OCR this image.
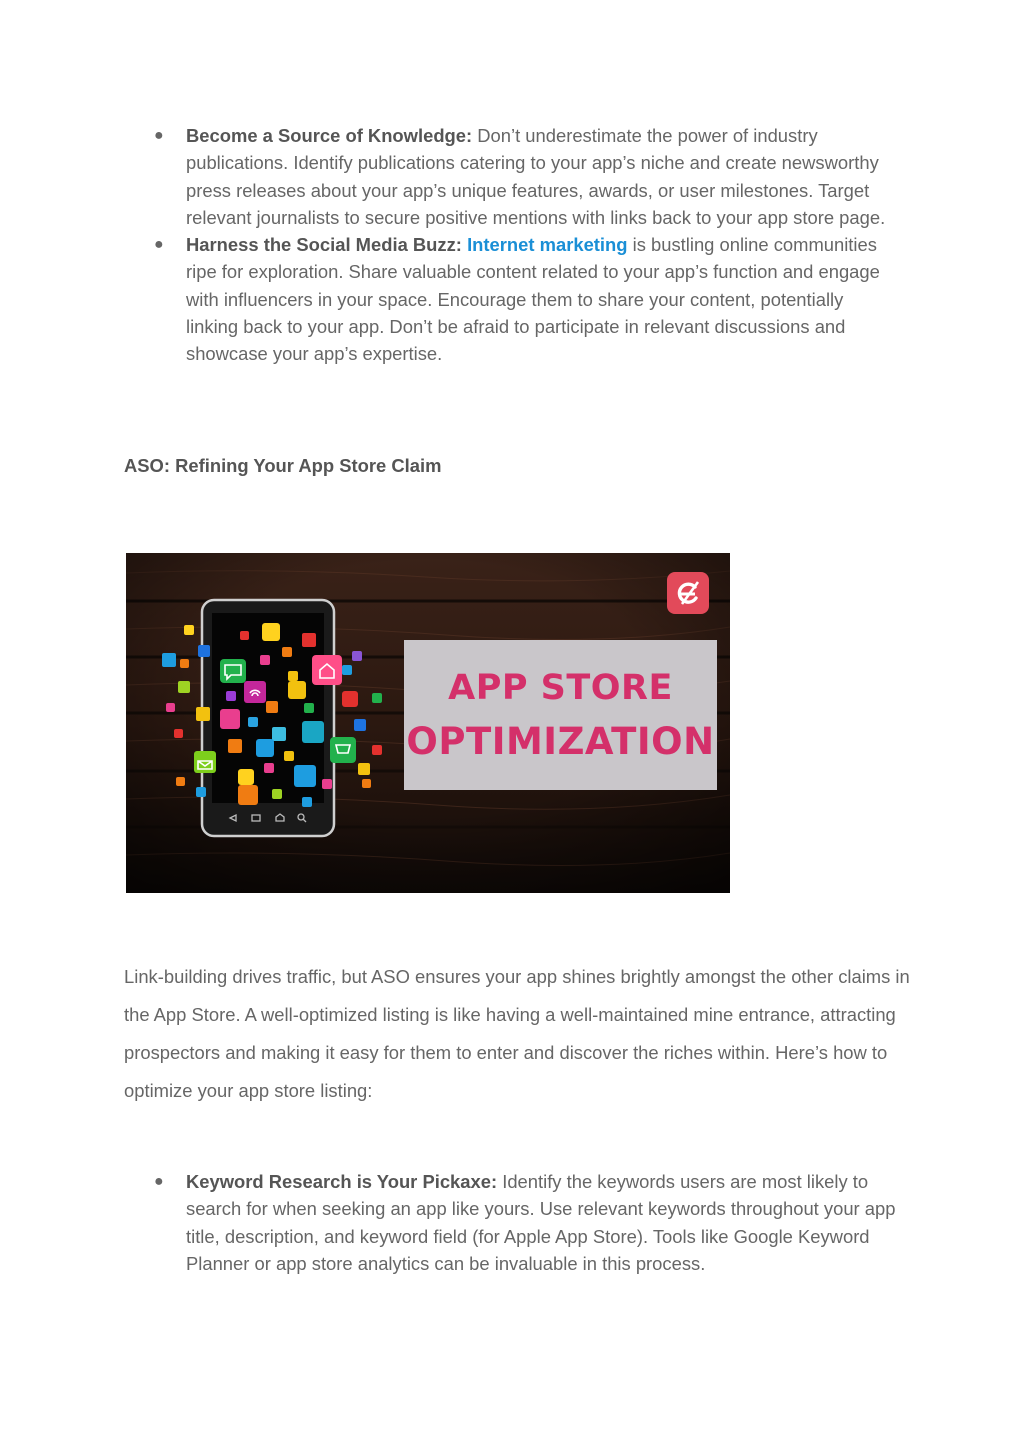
● Become a Source of Knowledge: Don’t underestimate the power of industry publications. Identify publications catering to your app’s niche and create newsworthy press releases about your app’s unique features, awards, or user milestones. Target relevant journalists to secure positive mentions with links back to your app store page.
● Harness the Social Media Buzz: Internet marketing is bustling online communities ripe for exploration. Share valuable content related to your app’s function and engage with influencers in your space. Encourage them to share your content, potentially linking back to your app. Don’t be afraid to participate in relevant discussions and showcase your app’s expertise.
ASO: Refining Your App Store Claim
APP STORE
OPTIMIZATION
Link-building drives traffic, but ASO ensures your app shines brightly amongst the other claims in the App Store. A well-optimized listing is like having a well-maintained mine entrance, attracting prospectors and making it easy for them to enter and discover the riches within. Here’s how to optimize your app store listing:
● Keyword Research is Your Pickaxe: Identify the keywords users are most likely to search for when seeking an app like yours. Use relevant keywords throughout your app title, description, and keyword field (for Apple App Store). Tools like Google Keyword Planner or app store analytics can be invaluable in this process.
